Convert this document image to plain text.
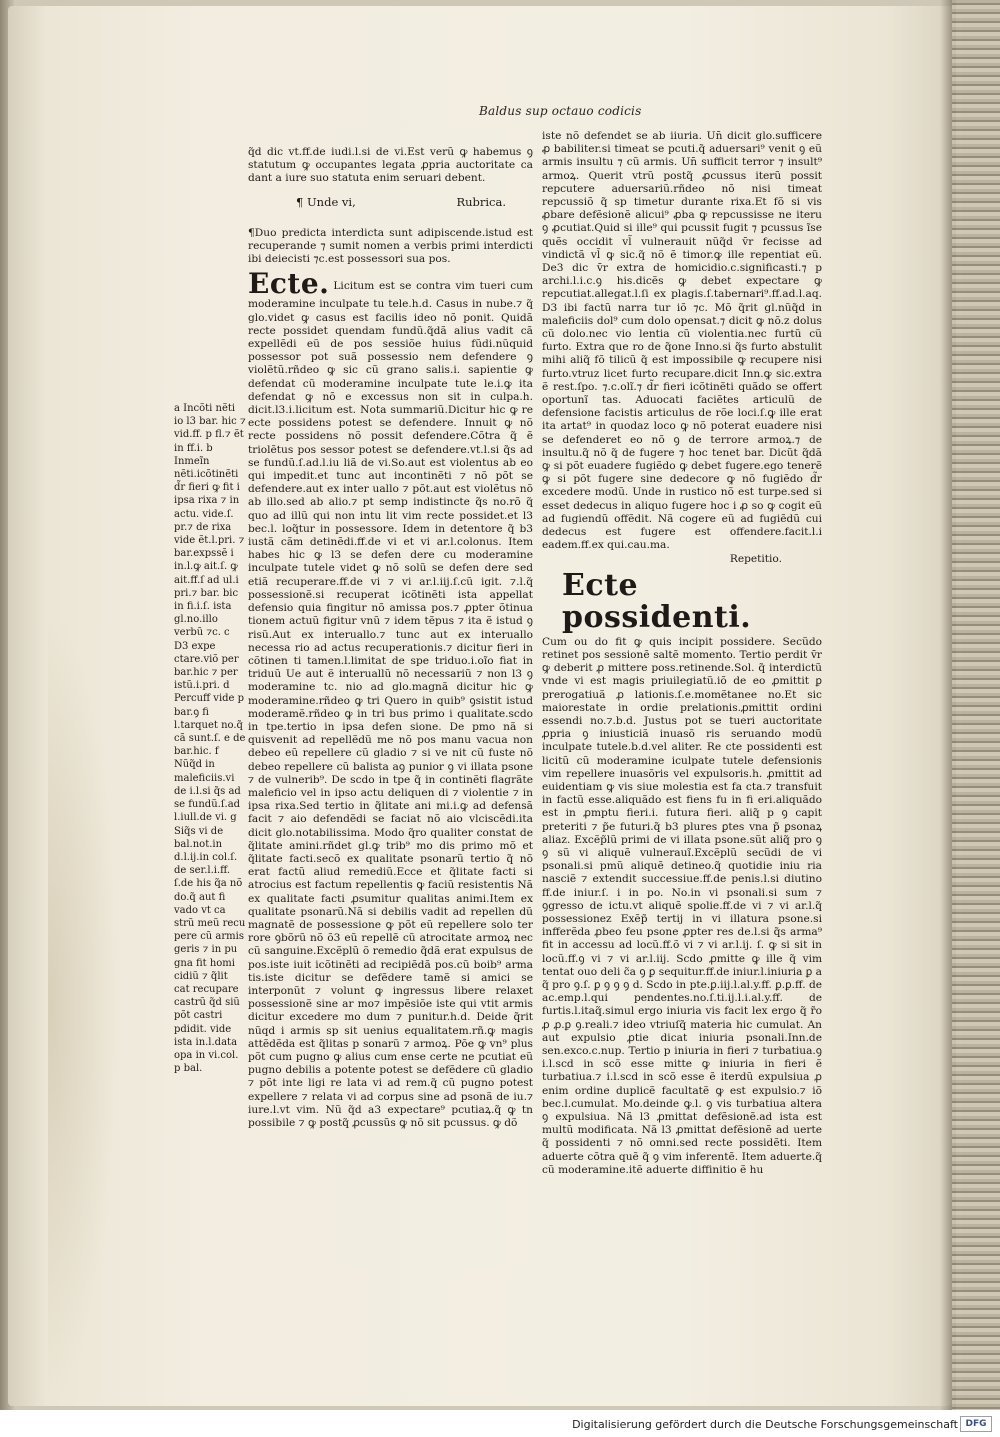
Baldus sup octauo codicis

q̃d dic vt.ff.de iudi.l.si de vi.Est verũ ꝙ habemus ꝯ statutum ꝙ occupantes legata ꝓpria auctoritate ca dant a iure suo statuta enim seruari debent.

¶ Unde vi,	Rubrica.

¶Duo predicta interdicta sunt adipiscende.istud est recuperande ⁊ sumit nomen a verbis primi interdicti ibi deiecisti ⁊c.est possessori sua pos.

Ecte. Licitum est se contra vim tueri cum moderamine inculpate tu tele.h.d. Casus in nube.⁊ q̃ glo.videt ꝙ casus est facilis ideo nõ ponit. Quidã recte possidet quendam fundũ.q̃dã alius vadit cã expellẽdi eũ de pos sessiõe huius fũdi.nũquid possessor pot suã possessio nem defendere ꝯ violẽtũ.rñdeo ꝙ sic cũ grano salis.i. sapientie ꝙ defendat cũ moderamine inculpate tute le.i.ꝙ ita defendat ꝙ nõ e excessus non sit in culpa.h. dicit.l3.i.licitum est. Nota summariũ.Dicitur hic ꝙ re ecte possidens potest se defendere. Innuit ꝙ nõ recte possidens nõ possit defendere.Cõtra q̃ ẽ triolẽtus pos sessor potest se defendere.vt.l.si q̃s ad se fundũ.ſ.ad.l.iu liã de vi.So.aut est violentus ab eo qui impedit.et tunc aut incontinẽti ⁊ nõ põt se defendere.aut ex inter uallo ⁊ põt.aut est violẽtus nõ ab illo.sed ab alio.⁊ pt semp indistincte q̃s no.rõ q̃ quo ad illũ qui non intu lit vim recte possidet.et l3 bec.l. loq̃tur in possessore. Idem in detentore q̃ b3 iustã cãm detinẽdi.ff.de vi et vi ar.l.colonus. Item habes hic ꝙ l3 se defen dere cu moderamine inculpate tutele videt ꝙ nõ solũ se defen dere sed etiã recuperare.ff.de vi ⁊ vi ar.l.iij.ſ.cũ igit. ⁊.l.q̃ possessionẽ.si recuperat icõtinẽti ista appellat defensio quia fingitur nõ amissa pos.⁊ ꝓpter õtinua tionem actuũ figitur vnũ ⁊ idem tẽpus ⁊ ita ẽ istud ꝯ risũ.Aut ex interuallo.⁊ tunc aut ex interuallo necessa rio ad actus recuperationis.⁊ dicitur fieri in cõtinen ti tamen.l.limitat de spe triduo.i.oĩo fiat in triduũ Ue aut ẽ interuallũ nõ necessariũ ⁊ non l3 ꝯ moderamine tc. nio ad glo.magnã dicitur hic ꝙ moderamine.rñdeo ꝙ tri Quero in quib⁹ ꝯsistit istud moderamẽ.rñdeo ꝙ in tri bus primo i qualitate.scdo in tpe.tertio in ipsa defen sione. De pmo nã si quisvenit ad repellẽdũ me nõ pos manu vacua non debeo eũ repellere cũ gladio ⁊ si ve nit cũ fuste nõ debeo repellere cũ balista aꝯ punior ꝯ vi illata psone ⁊ de vulnerib⁹. De scdo in tpe q̃ in continẽti flagrãte maleficio vel in ipso actu deliquen di ⁊ violentie ⁊ in ipsa rixa.Sed tertio in q̃litate ani mi.i.ꝙ ad defensã facit ⁊ aio defendẽdi se faciat nõ aio vlciscẽdi.ita dicit glo.notabilissima. Modo q̃ro qualiter constat de q̃litate amini.rñdet gl.ꝙ trib⁹ mo dis primo mõ et q̃litate facti.secõ ex qualitate psonarũ tertio q̃ nõ erat factũ aliud remediũ.Ecce et q̃litate facti si atrocius est factum repellentis ꝙ faciũ resistentis Nã ex qualitate facti ꝓsumitur qualitas animi.Item ex qualitate psonarũ.Nã si debilis vadit ad repellen dũ magnatẽ de possessione ꝙ põt eũ repellere solo ter rore ꝯbõrũ nõ õ3 eũ repellẽ cũ atrocitate armoꝝ nec cũ sanguine.Excẽplũ õ remedio q̃dã erat expulsus de pos.iste iuit icõtinẽti ad recipiẽdã pos.cũ boib⁹ arma tis.iste dicitur se defẽdere tamẽ si amici se interponũt ⁊ volunt ꝙ ingressus libere relaxet possessionẽ sine ar mo⁊ impẽsiõe iste qui vtit armis dicitur excedere mo dum ⁊ punitur.h.d. Deide q̃rit nũqd i armis sp sit uenius equalitatem.rñ.ꝙ magis attẽdẽda est q̃litas p sonarũ ⁊ armoꝝ. Põe ꝙ vn⁹ plus põt cum pugno ꝙ alius cum ense certe ne pcutiat eũ pugno debilis a potente potest se defẽdere cũ gladio ⁊ põt inte ligi re lata vi ad rem.q̃ cũ pugno potest expellere ⁊ relata vi ad corpus sine ad psonã de iu.⁊ iure.l.vt vim. Nũ q̃d a3 expectare⁹ pcutiaꝝ.q̃ ꝙ tn possibile ⁊ ꝙ postq̃ ꝓcussũs ꝙ nõ sit pcussus. ꝙ dõ

a Incõti nẽti io l3 bar. hic ⁊ vid.ff. p fl.⁊ ẽt in ff.i. b Inmeĩn nẽti.icõtinẽti d̃r fieri ꝙ fit i ipsa rixa ⁊ in actu. vide.ſ. pr.⁊ de rixa vide ẽt.l.pri. ⁊ bar.expssẽ i in.l.ꝙ ait.ſ. ꝙ ait.ff.ſ ad ul.i pri.⁊ bar. bic in fi.i.ſ. ista gl.no.illo verbũ ⁊c. c D3 expe ctare.viõ per bar.hic ⁊ per istũ.i.pri. d Percuff vide p bar.ꝯ fi l.tarquet no.q̃ cã sunt.ſ. e de bar.hic. f Nũq̃d in maleficiis.vi de i.l.si q̃s ad se fundũ.ſ.ad l.iull.de vi. g Siq̃s vi de bal.not.in d.l.ij.in col.ſ. de ser.l.i.ff. ſ.de his q̃a nõ do.q̃ aut fi vado vt ca strũ meũ recu pere cũ armis geris ⁊ in pu gna fit homi cidiũ ⁊ q̃lit cat recupare castrũ q̃d siũ põt castri pdidit. vide ista in.l.data opa in vi.col. p bal.

iste nõ defendet se ab iiuria. Un̄ dicit glo.sufficere ꝓ babiliter.si timeat se pcuti.q̃ aduersari⁹ venit ꝯ eũ armis insultu ⁊ cũ armis. Un̄ sufficit terror ⁊ insult⁹ armoꝝ. Querit vtrũ postq̃ ꝓcussus iterũ possit repcutere aduersariũ.rñdeo nõ nisi timeat repcussiõ q̃ sp timetur durante rixa.Et fõ si vis ꝓbare defẽsionẽ alicui⁹ ꝓba ꝙ repcussisse ne iteru ꝯ ꝓcutiat.Quid si ille⁹ qui pcussit fugit ⁊ pcussus ĩse quẽs occidit vl̃ vulnerauit nũq̃d v̄r fecisse ad vindictã vl̃ ꝙ sic.q̃ nõ ẽ timor.ꝙ ille repentiat eũ. De3 dic v̄r extra de homicidio.c.significasti.⁊ p archi.l.i.c.ꝯ his.dicẽs ꝙ debet expectare ꝙ repcutiat.allegat.l.ſi ex plagis.ſ.tabernari⁹.ff.ad.l.aq. D3 ibi factũ narra tur iõ ⁊c. Mõ q̃rit gl.nũq̃d in maleficiis dol⁹ cum dolo opensat.⁊ dicit ꝙ nõ.z dolus cũ dolo.nec vio lentia cũ violentia.nec furtũ cũ furto. Extra que ro de q̃one Inno.si q̃s furto abstulit mihi aliq̃ fõ tilicũ q̃ est impossibile ꝙ recupere nisi furto.vtruz licet furto recupare.dicit Inn.ꝙ sic.extra ẽ rest.ſpo. ⁊.c.olĩ.⁊ d̃r fieri icõtinẽti quãdo se offert oportunĩ tas. Aduocati faciẽtes articulũ de defensione facistis articulus de rõe loci.ſ.ꝙ ille erat ita artat⁹ in quodaz loco ꝙ nõ poterat euadere nisi se defenderet eo nõ ꝯ de terrore armoꝝ.⁊ de insultu.q̃ nõ q̃ de fugere ⁊ hoc tenet bar. Dicũt q̃dã ꝙ si põt euadere fugiẽdo ꝙ debet fugere.ego tenerẽ ꝙ si põt fugere sine dedecore ꝙ nõ fugiẽdo d̃r excedere modũ. Unde in rustico nõ est turpe.sed si esset dedecus in aliquo fugere hoc i ꝓ so ꝙ cogit eũ ad fugiendũ offẽdit. Nã cogere eũ ad fugiẽdũ cui dedecus est fugere est offendere.facit.l.i eadem.ff.ex qui.cau.ma.

Repetitio.

Ecte possidenti.

Cum ou do fit ꝙ quis incipit possidere. Secũdo retinet pos sessionẽ saltẽ momento. Tertio perdit v̄r ꝙ deberit ꝓ mittere poss.retinende.Sol. q̃ interdictũ vnde vi est magis priuilegiatũ.iõ de eo ꝓmittit ꝑ prerogatiuã ꝓ lationis.ſ.e.momẽtanee no.Et sic maiorestate in ordie prelationis.ꝓmittit ordini essendi no.⁊.b.d. Justus pot se tueri auctoritate ꝓpria ꝯ iniusticiã inuasõ ris seruando modũ inculpate tutele.b.d.vel aliter. Re cte possidenti est licitũ cũ moderamine iculpate tutele defensionis vim repellere inuasõris vel expulsoris.h. ꝓmittit ad euidentiam ꝙ vis siue molestia est fa cta.⁊ transfuit in factũ esse.aliquãdo est fiens fu in fi eri.aliquãdo est in ꝓmptu fieri.i. futura fieri. aliq̃ p ꝯ capit preteriti ⁊ p̃e futuri.q̃ b3 plures ꝑtes vna p̃ ꝑsonaꝝ aliaz. Excẽp̃lũ primi de vi illata psone.sũt aliq̃ pro ꝯ ꝯ sũ vi aliquẽ vulnerauĩ.Excẽplũ secũdi de vi psonali.si pmũ aliquẽ detineo.q̃ quotidie iniu ria nasciẽ ⁊ extendit successiue.ff.de penis.l.si diutino ff.de iniur.ſ. i in po. No.in vi psonali.si sum ⁊ ꝯgresso de ictu.vt aliquẽ spolie.ff.de vi ⁊ vi ar.l.q̃ possessionez Exẽp̃ tertij in vi illatura psone.si infferẽda ꝓbeo feu psone ꝓpter res de.l.si q̃s arma⁹ fit in accessu ad locũ.ff.õ vi ⁊ vi ar.l.ij. ſ. ꝙ si sit in locũ.ff.ꝯ vi ⁊ vi ar.l.iij. Scdo ꝓmitte ꝙ ille q̃ vim tentat ouo deli c̃a ꝯ ꝑ sequitur.ff.de iniur.l.iniuria ꝑ a q̃ pro ꝯ.ſ. ꝑ ꝯ ꝯ ꝯ d. Scdo in pte.ꝑ.iij.l.al.y.ff. ꝑ.ꝑ.ff. de ac.emp.l.qui pendentes.no.ſ.ti.ij.l.i.al.y.ff. de furtis.l.itaq̃.simul ergo iniuria vis facit lex ergo q̃ r̃o ꝓ ꝓ.ꝑ ꝯ.reali.⁊ ideo vtriuſq̃ materia hic cumulat. An aut expulsio ꝓtie dicat iniuria psonali.Inn.de sen.exco.c.nup. Tertio p iniuria in fieri ⁊ turbatiua.ꝯ i.l.scd in scõ esse mitte ꝙ iniuria in fieri ẽ turbatiua.⁊ i.l.scd in scõ esse ẽ iterdũ expulsiua ꝓ enim ordine duplicẽ facultatẽ ꝙ est expulsio.⁊ iõ bec.l.cumulat. Mo.deinde ꝙ.l. ꝯ vis turbatiua altera ꝯ expulsiua. Nã l3 ꝓmittat defẽsionẽ.ad ista est multũ modificata. Nã l3 ꝓmittat defẽsionẽ ad uerte q̃ possidenti ⁊ nõ omni.sed recte possidẽti. Item aduerte cõtra quẽ q̃ ꝯ vim inferentẽ. Item aduerte.q̃ cũ moderamine.itẽ aduerte diffinitio ẽ hu

Digitalisierung gefördert durch die Deutsche Forschungsgemeinschaft DFG
